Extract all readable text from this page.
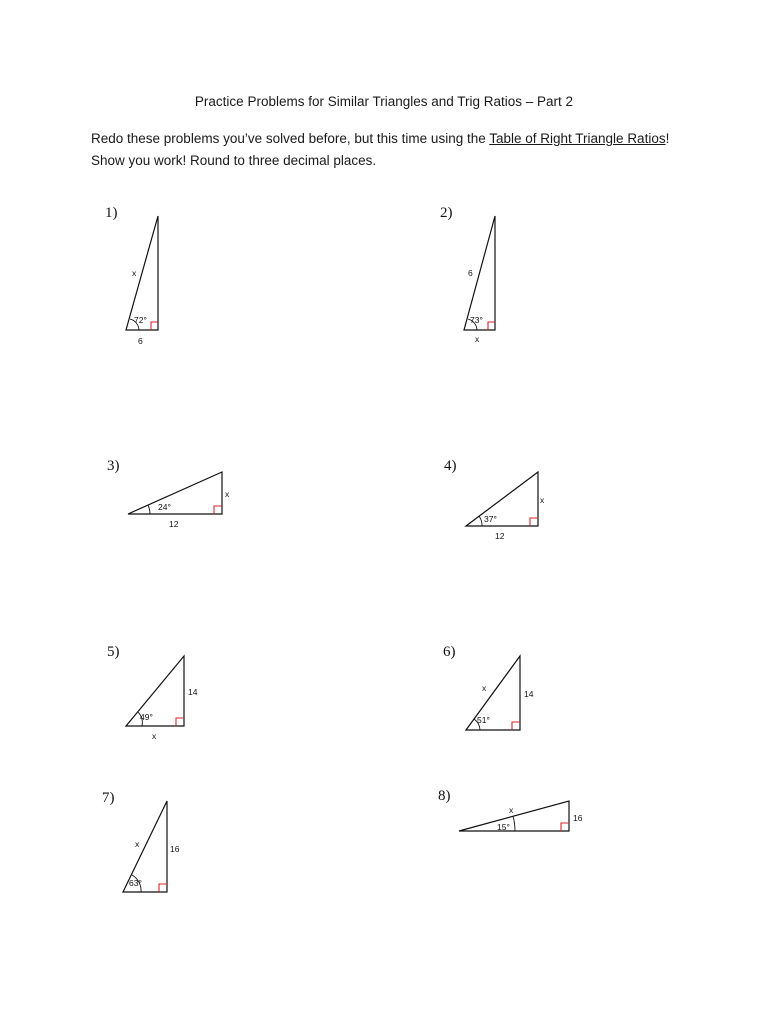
Practice Problems for Similar Triangles and Trig Ratios – Part 2
Redo these problems you’ve solved before, but this time using the Table of Right Triangle Ratios!
Show you work! Round to three decimal places.
1)
72°
x
6
2)
73°
6
x
3)
24°
x
12
4)
37°
x
12
5)
49°
14
x
6)
51°
x
14
7)
63°
x	16
8)
15°
x
16
